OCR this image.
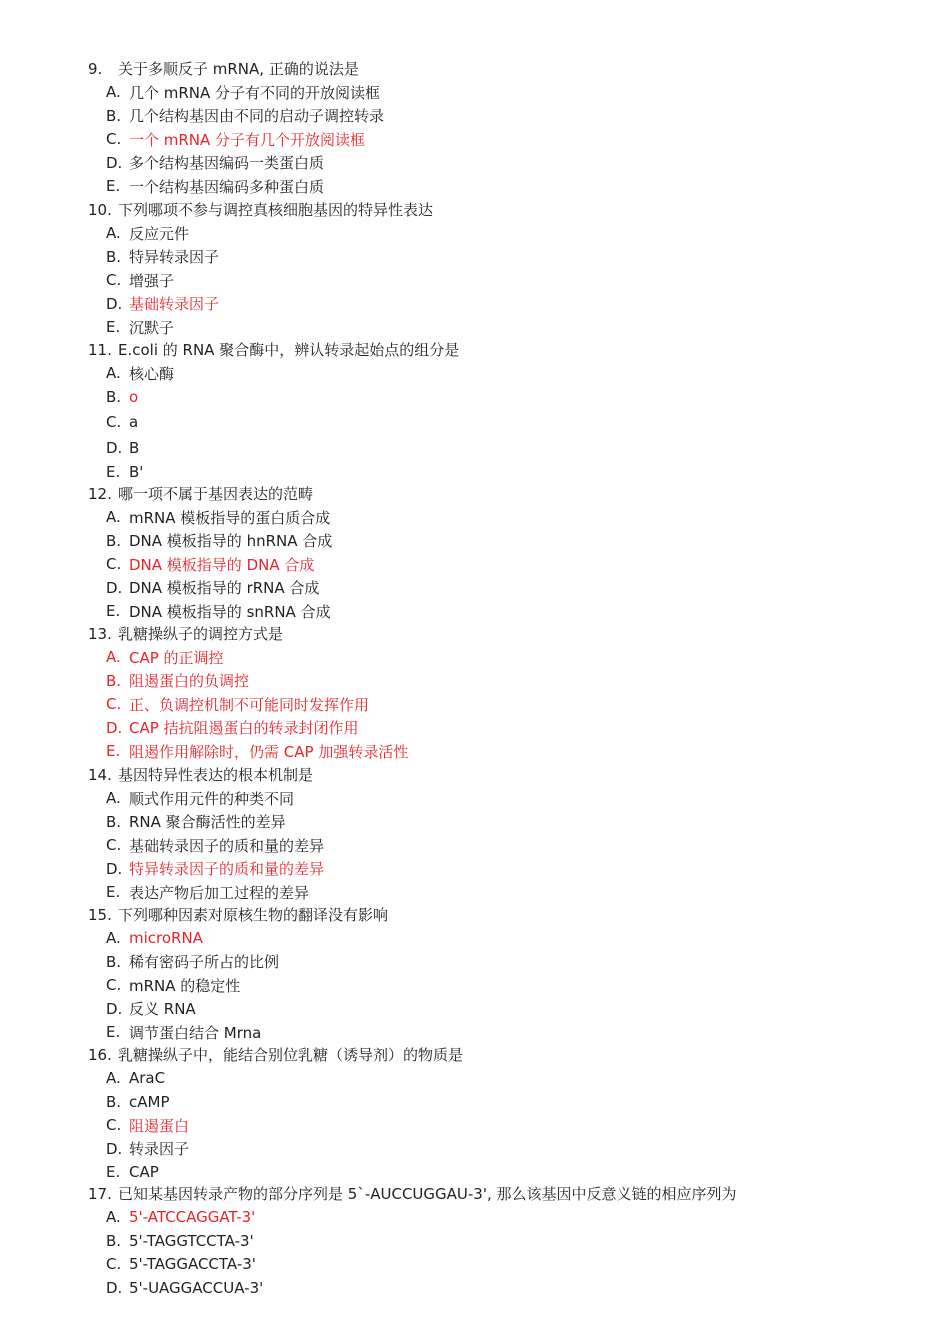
9.	关于多顺反子 mRNA, 正确的说法是
A. 几个 mRNA 分子有不同的开放阅读框
B. 几个结构基因由不同的启动子调控转录
C. 一个 mRNA 分子有几个开放阅读框
D. 多个结构基因编码一类蛋白质
E. 一个结构基因编码多种蛋白质
10. 下列哪项不参与调控真核细胞基因的特异性表达
A. 反应元件
B. 特异转录因子
C. 增强子
D. 基础转录因子
E. 沉默子
11. E.coli 的 RNA 聚合酶中，辨认转录起始点的组分是
A. 核心酶
B. o
C. a
D. B
E. B'
12. 哪一项不属于基因表达的范畴
A. mRNA 模板指导的蛋白质合成
B. DNA 模板指导的 hnRNA 合成
C. DNA 模板指导的 DNA 合成
D. DNA 模板指导的 rRNA 合成
E. DNA 模板指导的 snRNA 合成
13. 乳糖操纵子的调控方式是
A. CAP 的正调控
B. 阻遏蛋白的负调控
C. 正、负调控机制不可能同时发挥作用
D. CAP 拮抗阻遏蛋白的转录封闭作用
E. 阻遏作用解除时，仍需 CAP 加强转录活性
14. 基因特异性表达的根本机制是
A. 顺式作用元件的种类不同
B. RNA 聚合酶活性的差异
C. 基础转录因子的质和量的差异
D. 特异转录因子的质和量的差异
E. 表达产物后加工过程的差异
15. 下列哪种因素对原核生物的翻译没有影响
A. microRNA
B. 稀有密码子所占的比例
C. mRNA 的稳定性
D. 反义 RNA
E. 调节蛋白结合 Mrna
16. 乳糖操纵子中，能结合别位乳糖（诱导剂）的物质是
A. AraC
B. cAMP
C. 阻遏蛋白
D. 转录因子
E. CAP
17. 已知某基因转录产物的部分序列是 5`-AUCCUGGAU-3', 那么该基因中反意义链的相应序列为
A. 5'-ATCCAGGAT-3'
B. 5'-TAGGTCCTA-3'
C. 5'-TAGGACCTA-3'
D. 5'-UAGGACCUA-3'
